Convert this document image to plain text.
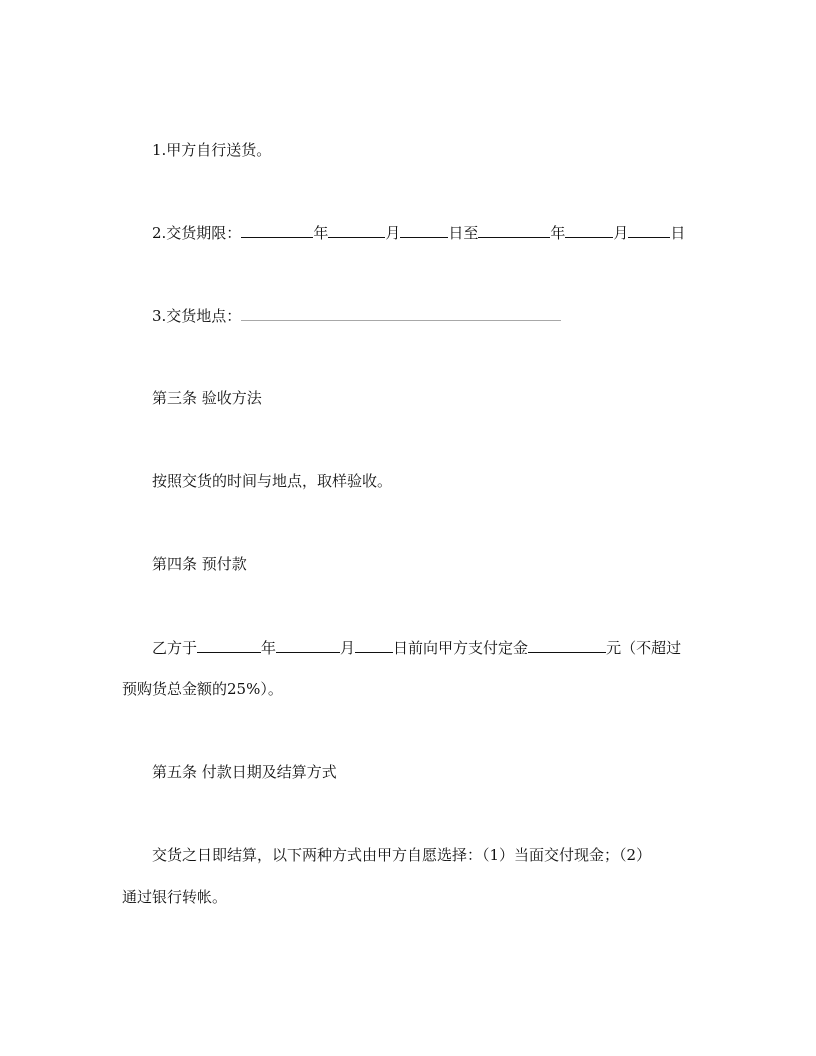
1.甲方自行送货。
2.交货期限：	年	月	日至	年	月	日
3.交货地点：
第三条 验收方法
按照交货的时间与地点，取样验收。
第四条 预付款
乙方于	年	月	日前向甲方支付定金	元（不超过
预购货总金额的25%）。
第五条 付款日期及结算方式
交货之日即结算，以下两种方式由甲方自愿选择：（1）当面交付现金；（2）
通过银行转帐。
